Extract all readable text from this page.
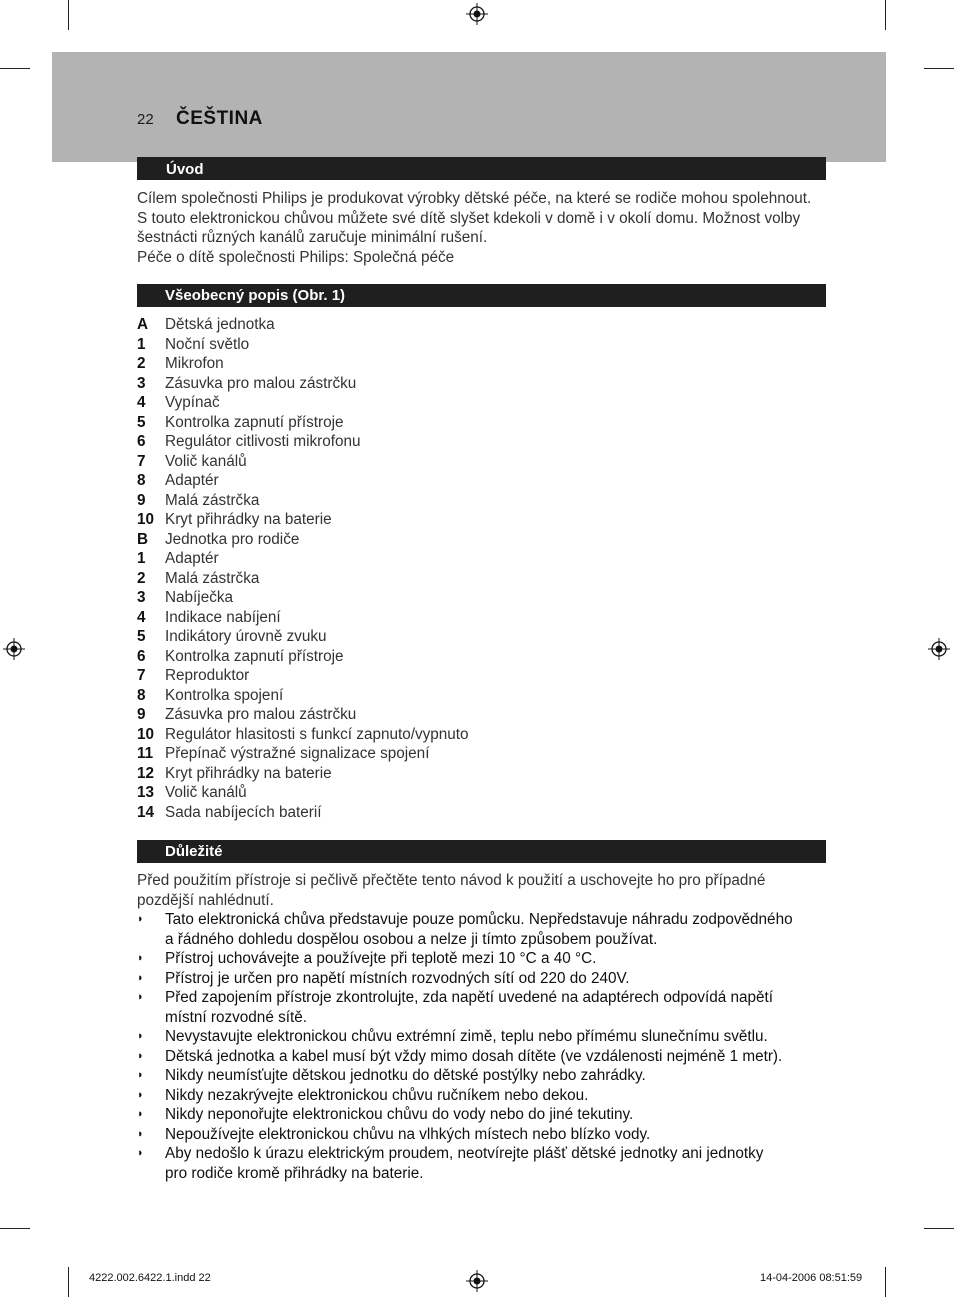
22 ČEŠTINA
Úvod
Cílem společnosti Philips je produkovat výrobky dětské péče, na které se rodiče mohou spolehnout.
S touto elektronickou chůvou můžete své dítě slyšet kdekoli v domě i v okolí domu. Možnost volby
šestnácti různých kanálů zaručuje minimální rušení.
Péče o dítě společnosti Philips: Společná péče
Všeobecný popis (Obr. 1)
A Dětská jednotka
1 Noční světlo
2 Mikrofon
3 Zásuvka pro malou zástrčku
4 Vypínač
5 Kontrolka zapnutí přístroje
6 Regulátor citlivosti mikrofonu
7 Volič kanálů
8 Adaptér
9 Malá zástrčka
10 Kryt přihrádky na baterie
B Jednotka pro rodiče
1 Adaptér
2 Malá zástrčka
3 Nabíječka
4 Indikace nabíjení
5 Indikátory úrovně zvuku
6 Kontrolka zapnutí přístroje
7 Reproduktor
8 Kontrolka spojení
9 Zásuvka pro malou zástrčku
10 Regulátor hlasitosti s funkcí zapnuto/vypnuto
11 Přepínač výstražné signalizace spojení
12 Kryt přihrádky na baterie
13 Volič kanálů
14 Sada nabíjecích baterií
Důležité
Před použitím přístroje si pečlivě přečtěte tento návod k použití a uschovejte ho pro případné
pozdější nahlédnutí.
◗ Tato elektronická chůva představuje pouze pomůcku. Nepředstavuje náhradu zodpovědného
a řádného dohledu dospělou osobou a nelze ji tímto způsobem používat.
◗ Přístroj uchovávejte a používejte při teplotě mezi 10 °C a 40 °C.
◗ Přístroj je určen pro napětí místních rozvodných sítí od 220 do 240V.
◗ Před zapojením přístroje zkontrolujte, zda napětí uvedené na adaptérech odpovídá napětí
místní rozvodné sítě.
◗ Nevystavujte elektronickou chůvu extrémní zimě, teplu nebo přímému slunečnímu světlu.
◗ Dětská jednotka a kabel musí být vždy mimo dosah dítěte (ve vzdálenosti nejméně 1 metr).
◗ Nikdy neumísťujte dětskou jednotku do dětské postýlky nebo zahrádky.
◗ Nikdy nezakrývejte elektronickou chůvu ručníkem nebo dekou.
◗ Nikdy neponořujte elektronickou chůvu do vody nebo do jiné tekutiny.
◗ Nepoužívejte elektronickou chůvu na vlhkých místech nebo blízko vody.
◗ Aby nedošlo k úrazu elektrickým proudem, neotvírejte plášť dětské jednotky ani jednotky
pro rodiče kromě přihrádky na baterie.
4222.002.6422.1.indd 22	14-04-2006 08:51:59
